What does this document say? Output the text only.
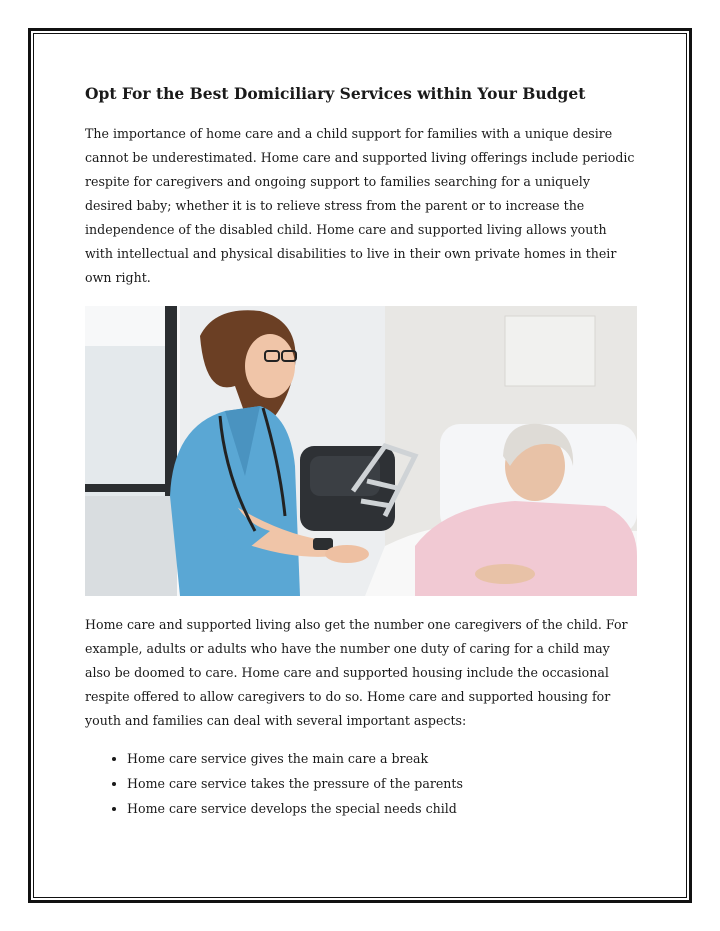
Opt For the Best Domiciliary Services within Your Budget

The importance of home care and a child support for families with a unique desire cannot be underestimated. Home care and supported living offerings include periodic respite for caregivers and ongoing support to families searching for a uniquely desired baby; whether it is to relieve stress from the parent or to increase the independence of the disabled child. Home care and supported living allows youth with intellectual and physical disabilities to live in their own private homes in their own right.

Home care and supported living also get the number one caregivers of the child. For example, adults or adults who have the number one duty of caring for a child may also be doomed to care. Home care and supported housing include the occasional respite offered to allow caregivers to do so. Home care and supported housing for youth and families can deal with several important aspects:

• Home care service gives the main care a break
• Home care service takes the pressure of the parents
• Home care service develops the special needs child
